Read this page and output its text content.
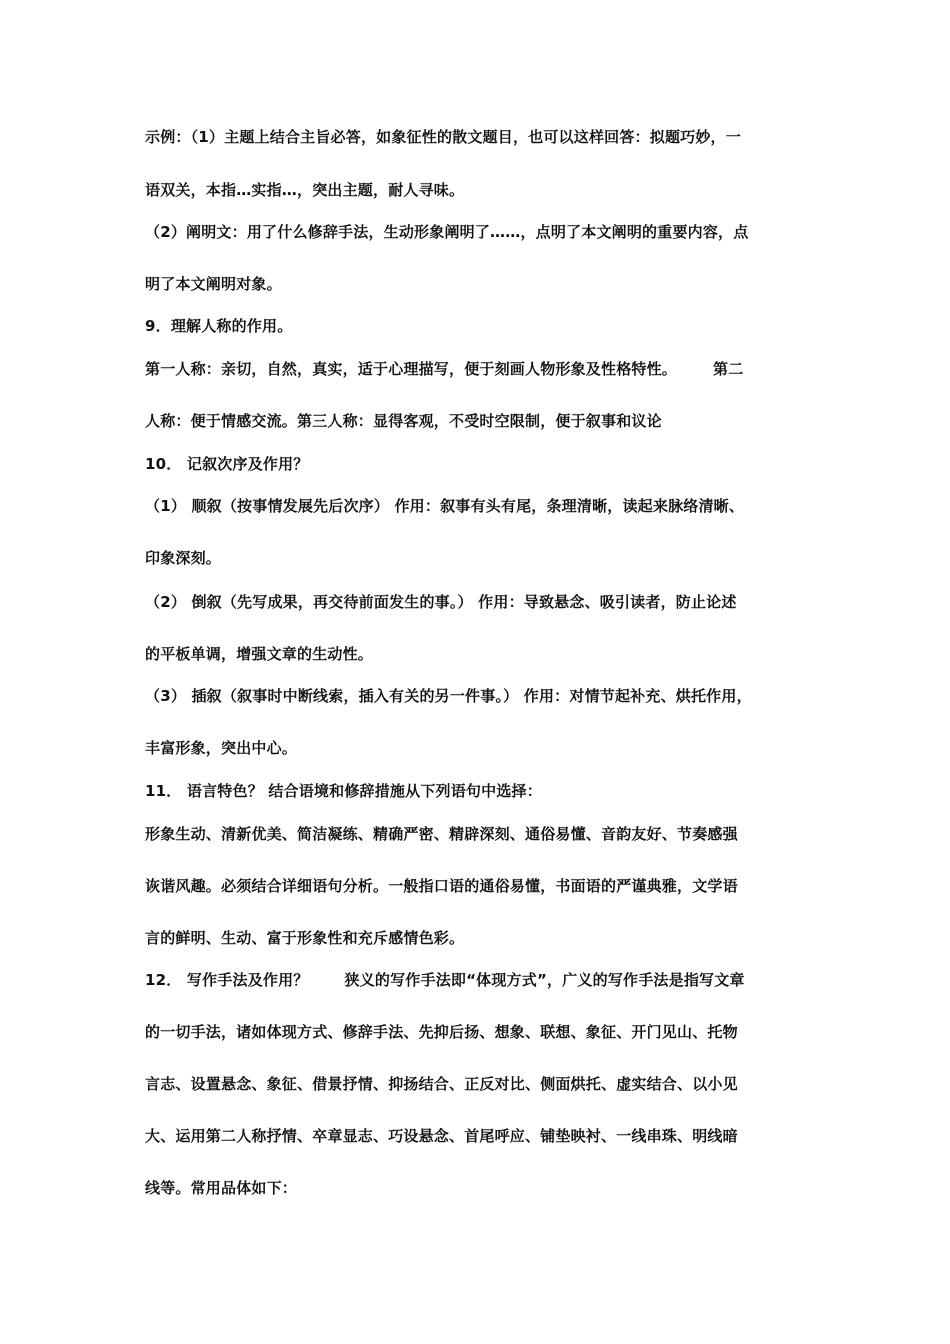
示例：（1）主题上结合主旨必答，如象征性的散文题目，也可以这样回答：拟题巧妙，一
语双关，本指…实指…，突出主题，耐人寻味。
（2）阐明文：用了什么修辞手法，生动形象阐明了……，点明了本文阐明的重要内容，点
明了本文阐明对象。
9．理解人称的作用。
第一人称：亲切，自然，真实，适于心理描写，便于刻画人物形象及性格特性。 第二
人称：便于情感交流。第三人称：显得客观，不受时空限制，便于叙事和议论
10． 记叙次序及作用？
（1） 顺叙（按事情发展先后次序） 作用：叙事有头有尾，条理清晰，读起来脉络清晰、
印象深刻。
（2） 倒叙（先写成果，再交待前面发生的事。） 作用：导致悬念、吸引读者，防止论述
的平板单调，增强文章的生动性。
（3） 插叙（叙事时中断线索，插入有关的另一件事。） 作用：对情节起补充、烘托作用，
丰富形象，突出中心。
11． 语言特色？ 结合语境和修辞措施从下列语句中选择：
形象生动、清新优美、简洁凝练、精确严密、精辟深刻、通俗易懂、音韵友好、节奏感强
诙谐风趣。必须结合详细语句分析。一般指口语的通俗易懂，书面语的严谨典雅，文学语
言的鲜明、生动、富于形象性和充斥感情色彩。
12． 写作手法及作用？ 狭义的写作手法即“体现方式”，广义的写作手法是指写文章
的一切手法，诸如体现方式、修辞手法、先抑后扬、想象、联想、象征、开门见山、托物
言志、设置悬念、象征、借景抒情、抑扬结合、正反对比、侧面烘托、虚实结合、以小见
大、运用第二人称抒情、卒章显志、巧设悬念、首尾呼应、铺垫映衬、一线串珠、明线暗
线等。常用品体如下：
